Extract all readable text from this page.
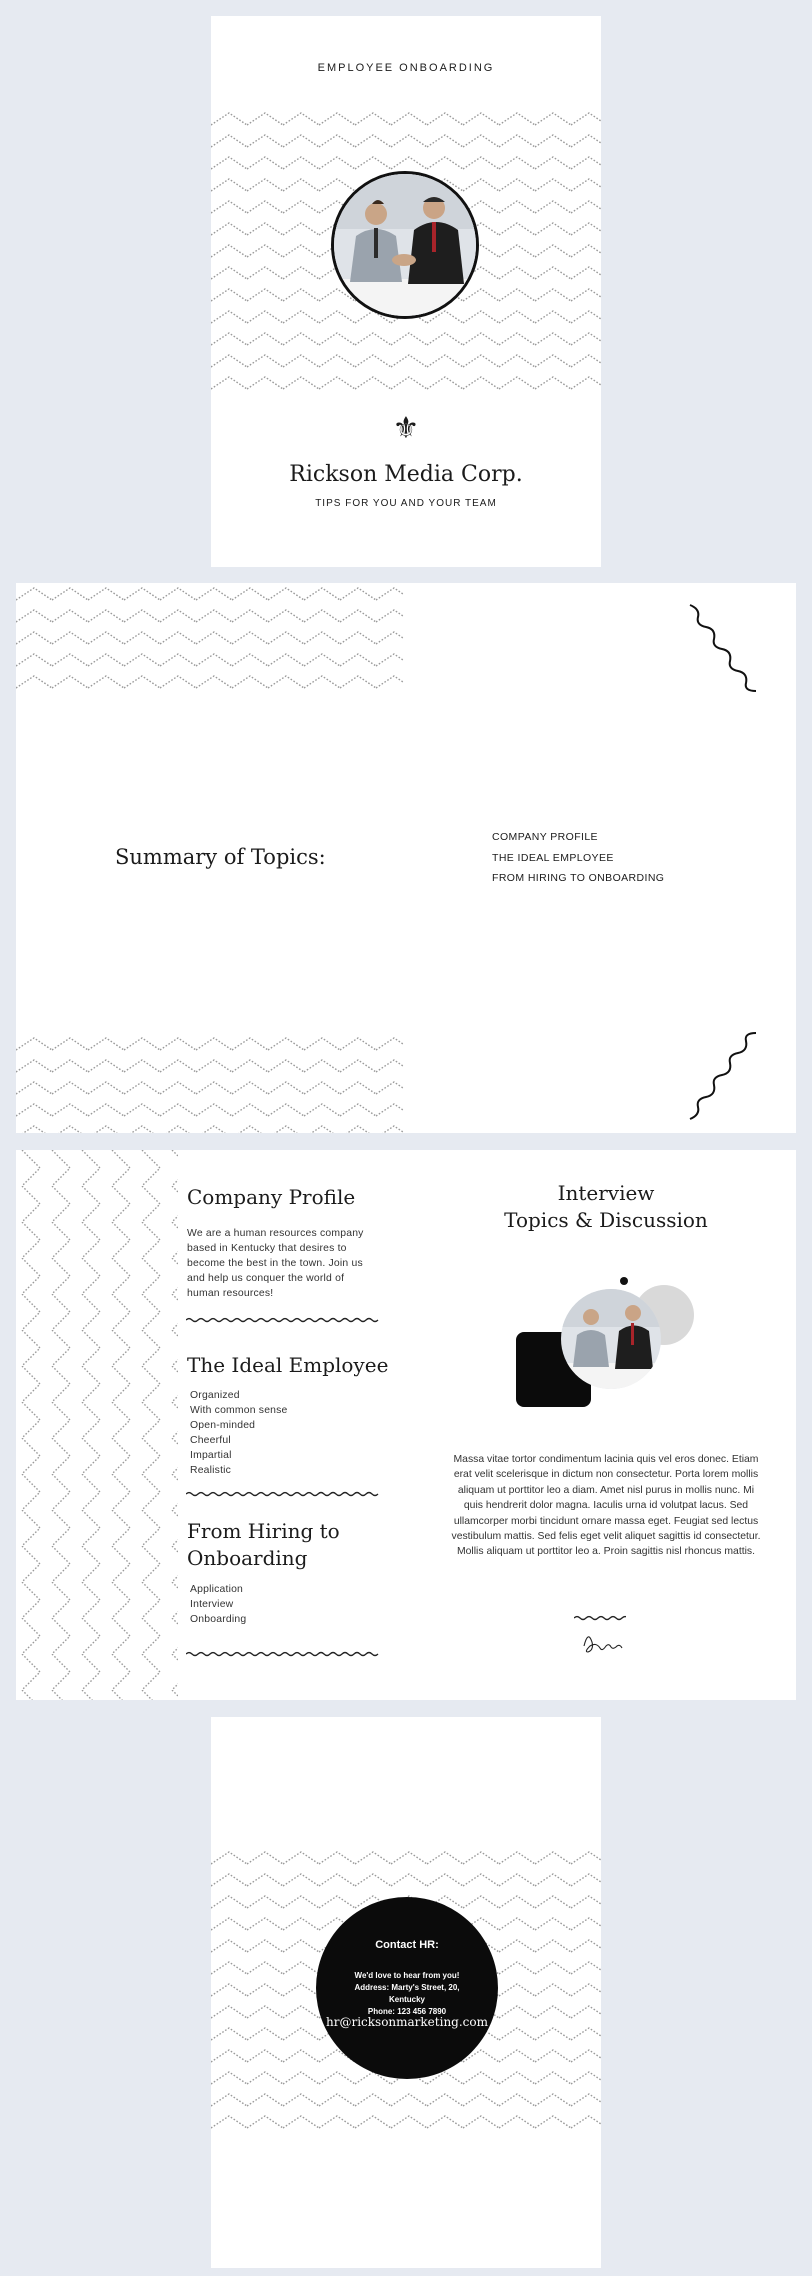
EMPLOYEE ONBOARDING
⚜
Rickson Media Corp.
TIPS FOR YOU AND YOUR TEAM
Summary of Topics:
COMPANY PROFILE
THE IDEAL EMPLOYEE
FROM HIRING TO ONBOARDING
Company Profile
We are a human resources company based in Kentucky that desires to become the best in the town. Join us and help us conquer the world of human resources!
The Ideal Employee
Organized
With common sense
Open-minded
Cheerful
Impartial
Realistic
From Hiring to Onboarding
Application
Interview
Onboarding
Interview
Topics & Discussion
Massa vitae tortor condimentum lacinia quis vel eros donec. Etiam erat velit scelerisque in dictum non consectetur. Porta lorem mollis aliquam ut porttitor leo a diam. Amet nisl purus in mollis nunc. Mi quis hendrerit dolor magna. Iaculis urna id volutpat lacus. Sed ullamcorper morbi tincidunt ornare massa eget. Feugiat sed lectus vestibulum mattis. Sed felis eget velit aliquet sagittis id consectetur. Mollis aliquam ut porttitor leo a. Proin sagittis nisl rhoncus mattis.
Contact HR:
We'd love to hear from you!
Address: Marty's Street, 20,
Kentucky
Phone: 123 456 7890
hr@ricksonmarketing.com
